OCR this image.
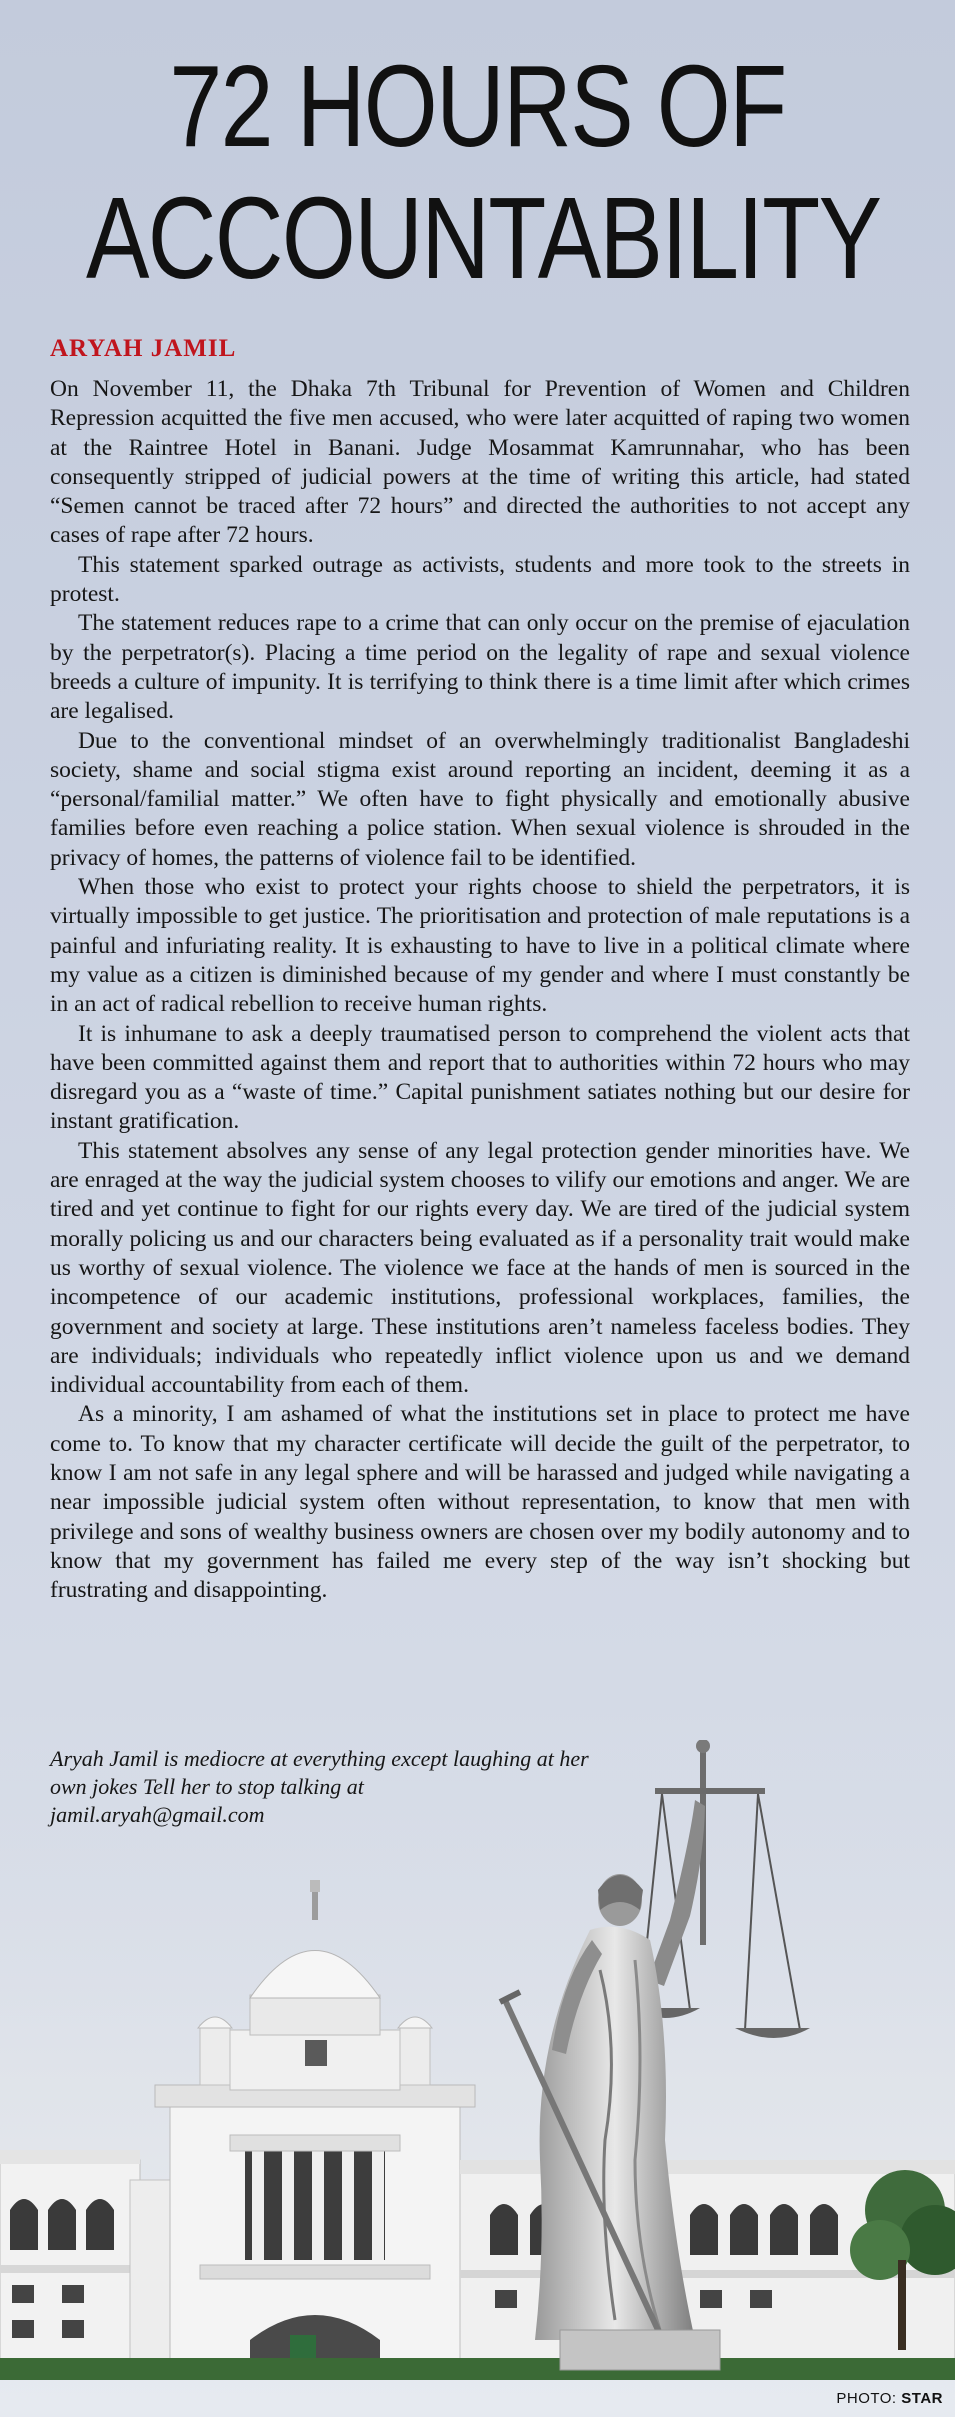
72 HOURS OF
ACCOUNTABILITY
ARYAH JAMIL

On November 11, the Dhaka 7th Tribunal for Prevention of Women and Children Repression acquitted the five men accused, who were later acquitted of raping two women at the Raintree Hotel in Banani. Judge Mosammat Kamrunnahar, who has been consequently stripped of judicial powers at the time of writing this article, had stated “Semen cannot be traced after 72 hours” and directed the authorities to not accept any cases of rape after 72 hours.

This statement sparked outrage as activists, students and more took to the streets in protest.

The statement reduces rape to a crime that can only occur on the premise of ejaculation by the perpetrator(s). Placing a time period on the legality of rape and sexual violence breeds a culture of impunity. It is terrifying to think there is a time limit after which crimes are legalised.

Due to the conventional mindset of an overwhelmingly traditionalist Bangladeshi society, shame and social stigma exist around reporting an incident, deeming it as a “personal/familial matter.” We often have to fight physically and emotionally abusive families before even reaching a police station. When sexual violence is shrouded in the privacy of homes, the patterns of violence fail to be identified.

When those who exist to protect your rights choose to shield the perpetrators, it is virtually impossible to get justice. The prioritisation and protection of male reputations is a painful and infuriating reality. It is exhausting to have to live in a political climate where my value as a citizen is diminished because of my gender and where I must constantly be in an act of radical rebellion to receive human rights.

It is inhumane to ask a deeply traumatised person to comprehend the violent acts that have been committed against them and report that to authorities within 72 hours who may disregard you as a “waste of time.” Capital punishment satiates nothing but our desire for instant gratification.

This statement absolves any sense of any legal protection gender minorities have. We are enraged at the way the judicial system chooses to vilify our emotions and anger. We are tired and yet continue to fight for our rights every day. We are tired of the judicial system morally policing us and our characters being evaluated as if a personality trait would make us worthy of sexual violence. The violence we face at the hands of men is sourced in the incompetence of our academic institutions, professional workplaces, families, the government and society at large. These institutions aren’t nameless faceless bodies. They are individuals; individuals who repeatedly inflict violence upon us and we demand individual accountability from each of them.

As a minority, I am ashamed of what the institutions set in place to protect me have come to. To know that my character certificate will decide the guilt of the perpetrator, to know I am not safe in any legal sphere and will be harassed and judged while navigating a near impossible judicial system often without representation, to know that men with privilege and sons of wealthy business owners are chosen over my bodily autonomy and to know that my government has failed me every step of the way isn’t shocking but frustrating and disappointing.

Aryah Jamil is mediocre at everything except laughing at her
own jokes Tell her to stop talking at
jamil.aryah@gmail.com
PHOTO: STAR
